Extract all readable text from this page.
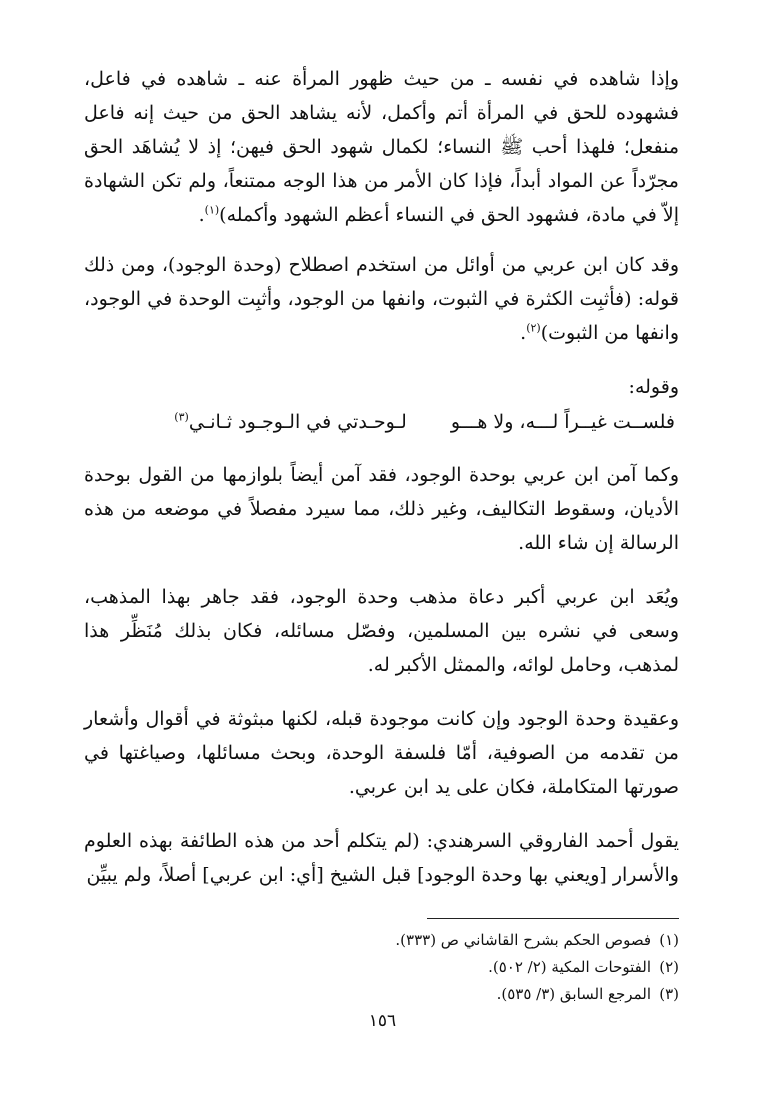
وإذا شاهده في نفسه ـ من حيث ظهور المرأة عنه ـ شاهده في فاعل، فشهوده للحق في المرأة أتم وأكمل، لأنه يشاهد الحق من حيث إنه فاعل منفعل؛ فلهذا أحب ﷺ النساء؛ لكمال شهود الحق فيهن؛ إذ لا يُشاهَد الحق مجرّداً عن المواد أبداً، فإذا كان الأمر من هذا الوجه ممتنعاً، ولم تكن الشهادة إلاّ في مادة، فشهود الحق في النساء أعظم الشهود وأكمله)$^{(١)}$.

وقد كان ابن عربي من أوائل من استخدم اصطلاح (وحدة الوجود)، ومن ذلك قوله: (فأثبِت الكثرة في الثبوت، وانفها من الوجود، وأثبِت الوحدة في الوجود، وانفها من الثبوت)$^{(٢)}$.

وقوله:

فلســت غيــراً لـــه، ولا هـــو
لـوحـدتي في الـوجـود ثـانـي$^{(٣)}$

وكما آمن ابن عربي بوحدة الوجود، فقد آمن أيضاً بلوازمها من القول بوحدة الأديان، وسقوط التكاليف، وغير ذلك، مما سيرد مفصلاً في موضعه من هذه الرسالة إن شاء الله.

ويُعَد ابن عربي أكبر دعاة مذهب وحدة الوجود، فقد جاهر بهذا المذهب، وسعى في نشره بين المسلمين، وفصّل مسائله، فكان بذلك مُنَظِّر هذا لمذهب، وحامل لوائه، والممثل الأكبر له.

وعقيدة وحدة الوجود وإن كانت موجودة قبله، لكنها مبثوثة في أقوال وأشعار من تقدمه من الصوفية، أمّا فلسفة الوحدة، وبحث مسائلها، وصياغتها في صورتها المتكاملة، فكان على يد ابن عربي.

يقول أحمد الفاروقي السرهندي: (لم يتكلم أحد من هذه الطائفة بهذه العلوم والأسرار [ويعني بها وحدة الوجود] قبل الشيخ [أي: ابن عربي] أصلاً، ولم يبيِّن

(١)
فصوص الحكم بشرح القاشاني ص (٣٣٣).
(٢)
الفتوحات المكية (٢/ ٥٠٢).
(٣)
المرجع السابق (٣/ ٥٣٥).
١٥٦
